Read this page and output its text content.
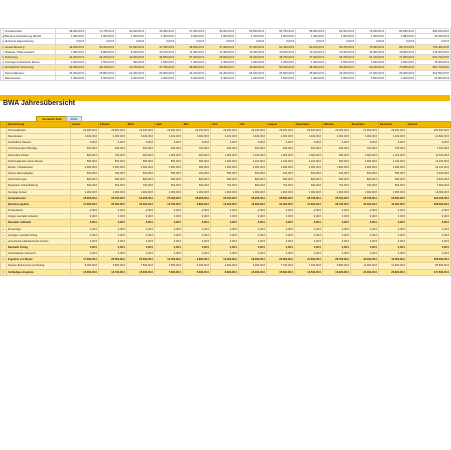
	Umsatzerlöse	48.000,00 €	71.750,00 €	30.300,00 €	45.950,00 €	47.000,00 €	36.000,00 €	55.500,00 €	66.750,00 €	58.500,00 €	64.500,00 €	73.600,00 €	86.850,00 €	685.200,00 €
+/-	Bestand Veränderung FE/UE	1.000,00 €	2.000,00 €	1.000,00 €	1.400,00 €	2.000,00 €	1.000,00 €	1.700,00 €	1.600,00 €	1.400,00 €	1.000,00 €	1.400,00 €	1.850,00 €	18.350,00 €
+	aktivierte Eigenleistung	0,00 €	0,00 €	0,00 €	0,00 €	0,00 €	0,00 €	0,00 €	0,00 €	0,00 €	0,00 €	0,00 €	0,00 €	0,00 €
=	Gesamtleistung	49.000,00 €	53.000,00 €	51.600,00 €	47.350,00 €	48.500,00 €	47.900,00 €	57.200,00 €	62.400,00 €	60.100,00 €	65.700,00 €	75.000,00 €	88.700,00 €	706.400,00 €
-	Material / Wareneinkauf	7.000,00 €	8.800,00 €	8.400,00 €	10.700,00 €	11.300,00 €	11.300,00 €	13.000,00 €	12.000,00 €	12.100,00 €	12.000,00 €	13.900,00 €	16.800,00 €	139.300,00 €
=	Rohertrag	41.000,00 €	44.200,00 €	43.200,00 €	36.650,00 €	37.200,00 €	36.600,00 €	44.200,00 €	48.750,00 €	47.300,00 €	53.700,00 €	61.100,00 €	71.900,00 €	562.700,00 €
+	Sonstige betriebliche Erlöse	1.000,00 €	1.500,00 €	500,00 €	1.050,00 €	1.400,00 €	1.400,00 €	1.300,00 €	1.350,00 €	1.000,00 €	1.500,00 €	2.000,00 €	1.900,00 €	15.900,00 €
=	betrieblicher Rohertrag	42.000,00 €	45.700,00 €	43.700,00 €	37.700,00 €	38.600,00 €	38.000,00 €	45.500,00 €	50.100,00 €	48.300,00 €	55.200,00 €	63.100,00 €	73.800,00 €	581.700,00 €
	Personalkosten	24.000,00 €	25.800,00 €	22.400,00 €	23.600,00 €	24.100,00 €	24.400,00 €	25.100,00 €	25.500,00 €	25.600,00 €	26.000,00 €	27.000,00 €	29.000,00 €	302.500,00 €
	Raumkosten	1.400,00 €	2.000,00 €	3.400,00 €	1.400,00 €	2.000,00 €	3.400,00 €	1.400,00 €	2.000,00 €	1.400,00 €	2.000,00 €	3.000,00 €	1.400,00 €	24.800,00 €
BWA Jahresübersicht
Auswahl Jahr	2022
	Bezeichnung	Januar	Februar	März	April	Mai	Juni	Juli	August	September	Oktober	November	Dezember	Summe
	Personalkosten	24.000,00 €	25.800,00 €	22.400,00 €	23.600,00 €	24.100,00 €	24.400,00 €	25.100,00 €	25.500,00 €	25.600,00 €	26.000,00 €	27.000,00 €	29.000,00 €	302.500,00 €
	Raumkosten	1.400,00 €	2.000,00 €	3.400,00 €	1.400,00 €	2.000,00 €	3.400,00 €	1.400,00 €	2.000,00 €	1.400,00 €	2.000,00 €	3.000,00 €	1.400,00 €	24.800,00 €
	betriebliche Steuern	0,00 €	0,00 €	0,00 €	0,00 €	0,00 €	0,00 €	0,00 €	0,00 €	0,00 €	0,00 €	0,00 €	0,00 €	0,00 €
	Versicherungen/ Beiträge	600,00 €	500,00 €	600,00 €	600,00 €	700,00 €	600,00 €	600,00 €	600,00 €	600,00 €	600,00 €	700,00 €	700,00 €	7.400,00 €
	besondere Kosten	800,00 €	700,00 €	900,00 €	1.000,00 €	900,00 €	1.000,00 €	1.100,00 €	1.000,00 €	1.000,00 €	900,00 €	1.000,00 €	1.100,00 €	11.500,00 €
	Fahrzeugkosten (ohne Steuer)	500,00 €	800,00 €	900,00 €	800,00 €	900,00 €	1.000,00 €	1.100,00 €	1.100,00 €	1.100,00 €	900,00 €	1.000,00 €	1.100,00 €	11.200,00 €
	Werbe- / Reisekosten	2.000,00 €	3.000,00 €	1.600,00 €	1.800,00 €	900,00 €	1.000,00 €	2.000,00 €	2.000,00 €	2.000,00 €	1.800,00 €	2.000,00 €	2.000,00 €	22.100,00 €
	Kosten Warenabgabe	500,00 €	300,00 €	500,00 €	500,00 €	300,00 €	500,00 €	500,00 €	400,00 €	500,00 €	400,00 €	500,00 €	500,00 €	5.400,00 €
	Abschreibungen	800,00 €	800,00 €	800,00 €	800,00 €	800,00 €	800,00 €	800,00 €	800,00 €	800,00 €	800,00 €	800,00 €	800,00 €	9.600,00 €
	Reparatur/ Instandhaltung	500,00 €	600,00 €	700,00 €	600,00 €	500,00 €	700,00 €	800,00 €	700,00 €	600,00 €	700,00 €	700,00 €	800,00 €	7.900,00 €
	Sonstige Kosten	1.000,00 €	1.000,00 €	1.000,00 €	1.000,00 €	1.000,00 €	1.000,00 €	1.000,00 €	1.000,00 €	1.000,00 €	1.000,00 €	1.000,00 €	1.000,00 €	12.000,00 €
	Gesamtkosten	26.000,00 €	25.200,00 €	21.200,00 €	27.400,00 €	26.900,00 €	25.200,00 €	26.200,00 €	26.800,00 €	26.700,00 €	25.500,00 €	29.700,00 €	29.600,00 €	323.400,00 €
	Betriebsergebnis	17.000,00 €	20.500,00 €	22.500,00 €	10.700,00 €	9.800,00 €	13.200,00 €	19.300,00 €	23.300,00 €	21.600,00 €	29.700,00 €	33.400,00 €	44.200,00 €	258.300,00 €
	Zinsaufwand	0,00 €	0,00 €	0,00 €	0,00 €	0,00 €	0,00 €	0,00 €	0,00 €	0,00 €	0,00 €	0,00 €	0,00 €	0,00 €
	übriger neutraler Aufwand	0,00 €	0,00 €	0,00 €	0,00 €	0,00 €	0,00 €	0,00 €	0,00 €	0,00 €	0,00 €	0,00 €	0,00 €	0,00 €
	Neutraler Aufwand	0,00 €	0,00 €	0,00 €	0,00 €	0,00 €	0,00 €	0,00 €	0,00 €	0,00 €	0,00 €	0,00 €	0,00 €	0,00 €
+	Zinserträge	0,00 €	0,00 €	0,00 €	0,00 €	0,00 €	0,00 €	0,00 €	0,00 €	0,00 €	0,00 €	0,00 €	0,00 €	0,00 €
+	sonstiger neutraler Ertrag	0,00 €	0,00 €	0,00 €	0,00 €	0,00 €	0,00 €	0,00 €	0,00 €	0,00 €	0,00 €	0,00 €	0,00 €	0,00 €
+	verrechnete kalkulatorische Kosten	0,00 €	0,00 €	0,00 €	0,00 €	0,00 €	0,00 €	0,00 €	0,00 €	0,00 €	0,00 €	0,00 €	0,00 €	0,00 €
	Neutraler Ertrag	0,00 €	0,00 €	0,00 €	0,00 €	0,00 €	0,00 €	0,00 €	0,00 €	0,00 €	0,00 €	0,00 €	0,00 €	0,00 €
	Kontenklasse unbesetzt	0,00 €	0,00 €	0,00 €	0,00 €	0,00 €	0,00 €	0,00 €	0,00 €	0,00 €	0,00 €	0,00 €	0,00 €	0,00 €
=	Ergebnis vor Steuer	17.000,00 €	20.500,00 €	22.500,00 €	10.700,00 €	9.800,00 €	13.200,00 €	19.300,00 €	23.300,00 €	21.600,00 €	29.700,00 €	33.400,00 €	44.200,00 €	258.300,00 €
	Steuern Einkommen und Ertrag	5.000,00 €	6.800,00 €	7.500,00 €	3.500,00 €	3.200,00 €	4.300,00 €	6.300,00 €	7.700,00 €	7.100,00 €	9.800,00 €	11.000,00 €	14.600,00 €	86.800,00 €
=	Vorläufiges Ergebnis	12.000,00 €	13.700,00 €	15.000,00 €	7.200,00 €	6.600,00 €	8.900,00 €	13.000,00 €	15.600,00 €	14.500,00 €	19.900,00 €	22.400,00 €	29.600,00 €	171.500,00 €
